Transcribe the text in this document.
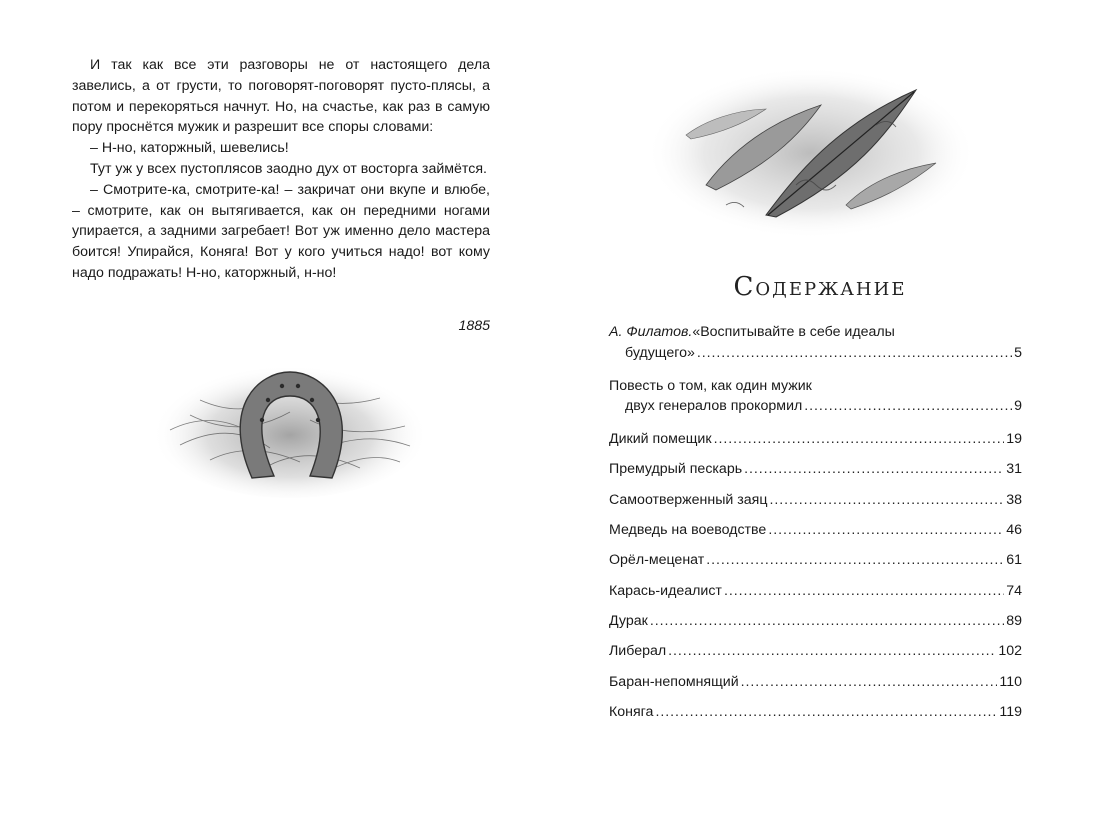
И так как все эти разговоры не от настоящего дела завелись, а от грусти, то поговорят-поговорят пусто-плясы, а потом и перекоряться начнут. Но, на счастье, как раз в самую пору проснётся мужик и разрешит все споры словами:

– Н-но, каторжный, шевелись!

Тут уж у всех пустоплясов заодно дух от восторга займётся.

– Смотрите-ка, смотрите-ка! – закричат они вкупе и влюбе, – смотрите, как он вытягивается, как он передними ногами упирается, а задними загребает! Вот уж именно дело мастера боится! Упирайся, Коняга! Вот у кого учиться надо! вот кому надо подражать! Н-но, каторжный, н-но!

1885
Содержание
А. Филатов. «Воспитывайте в себе идеалы
будущего» . . .	5
Повесть о том, как один мужик
двух генералов прокормил . . .	9
Дикий помещик . . .	19
Премудрый пескарь . . .	31
Самоотверженный заяц . . .	38
Медведь на воеводстве . . .	46
Орёл-меценат . . .	61
Карась-идеалист . . .	74
Дурак . . .	89
Либерал . . .	102
Баран-непомнящий . . .	110
Коняга . . .	119
